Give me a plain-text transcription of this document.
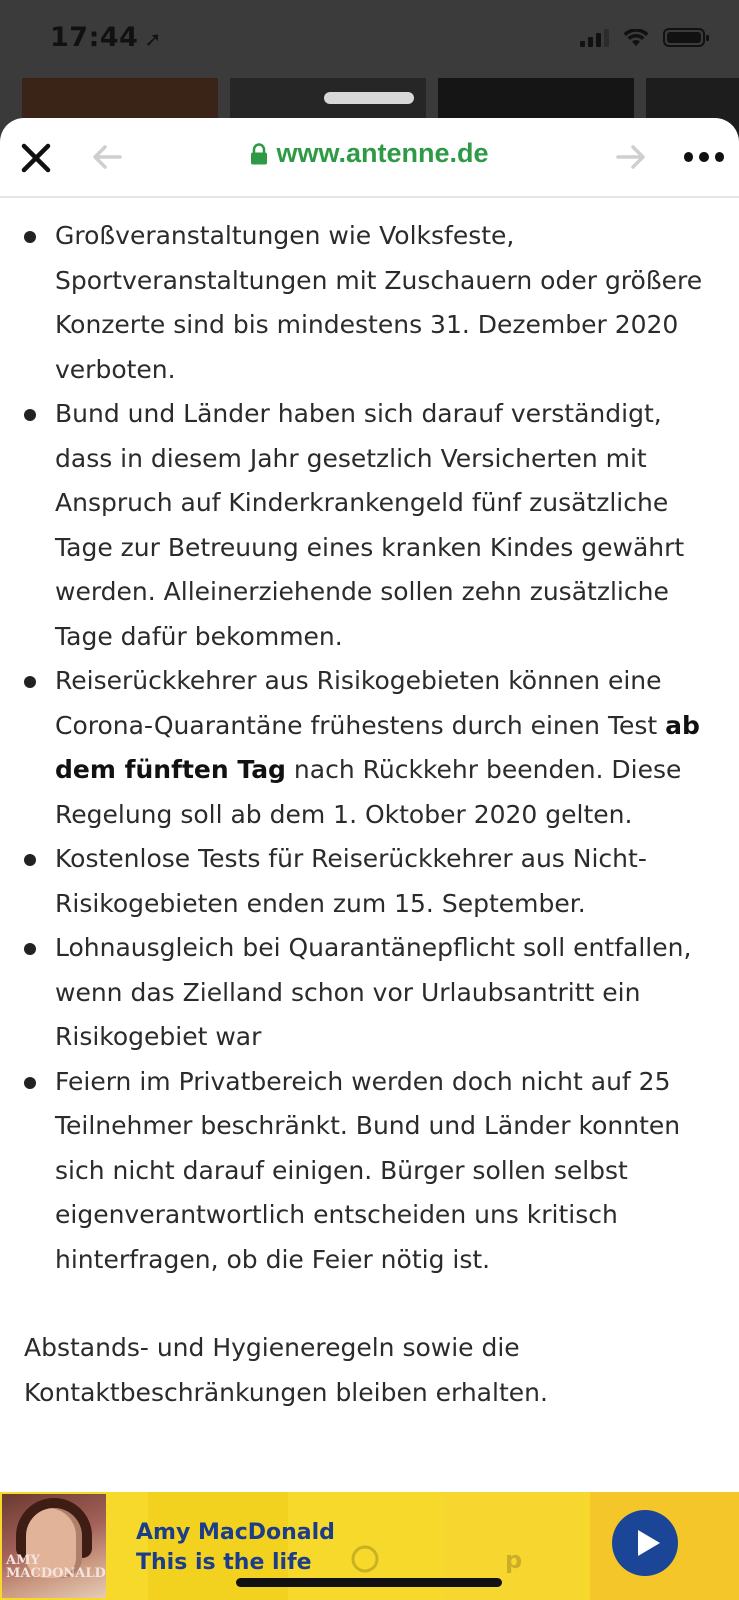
17:44 ➚
www.antenne.de
Großveranstaltungen wie Volksfeste, Sportveranstaltungen mit Zuschauern oder größere Konzerte sind bis mindestens 31. Dezember 2020 verboten.
Bund und Länder haben sich darauf verständigt, dass in diesem Jahr gesetzlich Versicherten mit Anspruch auf Kinderkrankengeld fünf zusätzliche Tage zur Betreuung eines kranken Kindes gewährt werden. Alleinerziehende sollen zehn zusätzliche Tage dafür bekommen.
Reiserückkehrer aus Risikogebieten können eine Corona-Quarantäne frühestens durch einen Test ab dem fünften Tag nach Rückkehr beenden. Diese Regelung soll ab dem 1. Oktober 2020 gelten.
Kostenlose Tests für Reiserückkehrer aus Nicht-Risikogebieten enden zum 15. September.
Lohnausgleich bei Quarantänepflicht soll entfallen, wenn das Zielland schon vor Urlaubsantritt ein Risikogebiet war
Feiern im Privatbereich werden doch nicht auf 25 Teilnehmer beschränkt. Bund und Länder konnten sich nicht darauf einigen. Bürger sollen selbst eigenverantwortlich entscheiden uns kritisch hinterfragen, ob die Feier nötig ist.

Abstands- und Hygieneregeln sowie die Kontaktbeschränkungen bleiben erhalten.

AMY MACDONALD	p
Amy MacDonald
This is the life
